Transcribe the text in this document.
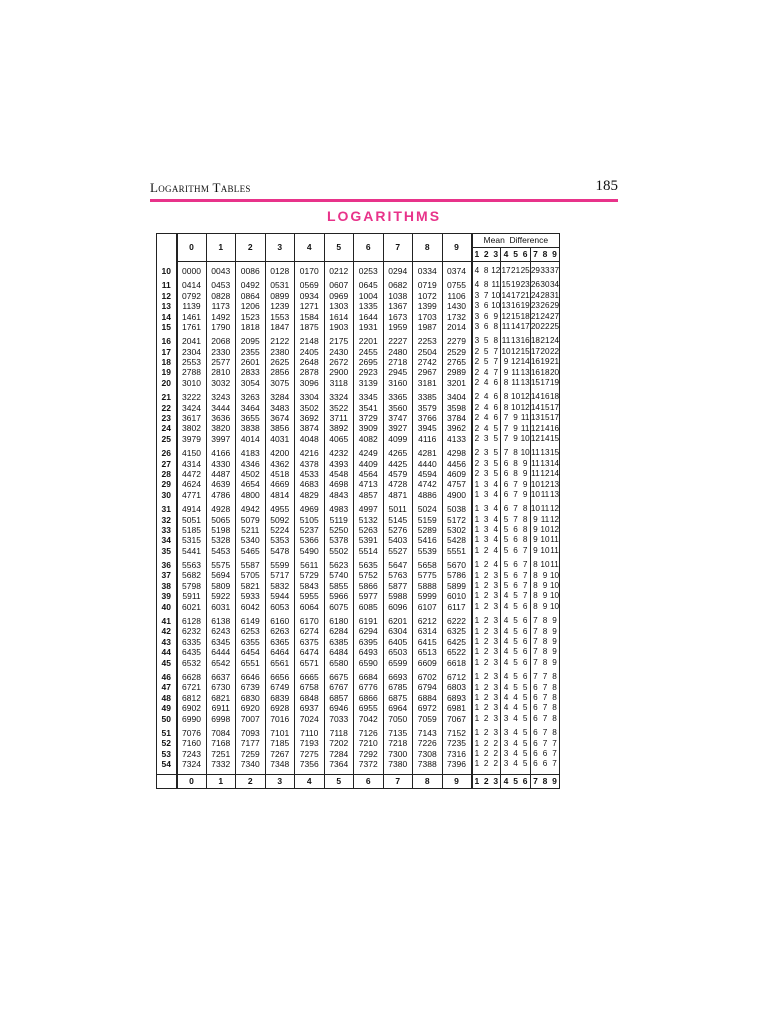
Logarithm Tables	185
LOGARITHMS
	0	1	2	3	4	5	6	7	8	9	Mean  Difference								
											1	2	3	4	5	6	7	8	9

10	0000	0043	0086	0128	0170	0212	0253	0294	0334	0374	4	8	12	17	21	25	29	33	37

11	0414	0453	0492	0531	0569	0607	0645	0682	0719	0755	4	8	11	15	19	23	26	30	34
12	0792	0828	0864	0899	0934	0969	1004	1038	1072	1106	3	7	10	14	17	21	24	28	31
13	1139	1173	1206	1239	1271	1303	1335	1367	1399	1430	3	6	10	13	16	19	23	26	29
14	1461	1492	1523	1553	1584	1614	1644	1673	1703	1732	3	6	9	12	15	18	21	24	27
15	1761	1790	1818	1847	1875	1903	1931	1959	1987	2014	3	6	8	11	14	17	20	22	25

16	2041	2068	2095	2122	2148	2175	2201	2227	2253	2279	3	5	8	11	13	16	18	21	24
17	2304	2330	2355	2380	2405	2430	2455	2480	2504	2529	2	5	7	10	12	15	17	20	22
18	2553	2577	2601	2625	2648	2672	2695	2718	2742	2765	2	5	7	9	12	14	16	19	21
19	2788	2810	2833	2856	2878	2900	2923	2945	2967	2989	2	4	7	9	11	13	16	18	20
20	3010	3032	3054	3075	3096	3118	3139	3160	3181	3201	2	4	6	8	11	13	15	17	19

21	3222	3243	3263	3284	3304	3324	3345	3365	3385	3404	2	4	6	8	10	12	14	16	18
22	3424	3444	3464	3483	3502	3522	3541	3560	3579	3598	2	4	6	8	10	12	14	15	17
23	3617	3636	3655	3674	3692	3711	3729	3747	3766	3784	2	4	6	7	9	11	13	15	17
24	3802	3820	3838	3856	3874	3892	3909	3927	3945	3962	2	4	5	7	9	11	12	14	16
25	3979	3997	4014	4031	4048	4065	4082	4099	4116	4133	2	3	5	7	9	10	12	14	15

26	4150	4166	4183	4200	4216	4232	4249	4265	4281	4298	2	3	5	7	8	10	11	13	15
27	4314	4330	4346	4362	4378	4393	4409	4425	4440	4456	2	3	5	6	8	9	11	13	14
28	4472	4487	4502	4518	4533	4548	4564	4579	4594	4609	2	3	5	6	8	9	11	12	14
29	4624	4639	4654	4669	4683	4698	4713	4728	4742	4757	1	3	4	6	7	9	10	12	13
30	4771	4786	4800	4814	4829	4843	4857	4871	4886	4900	1	3	4	6	7	9	10	11	13

31	4914	4928	4942	4955	4969	4983	4997	5011	5024	5038	1	3	4	6	7	8	10	11	12
32	5051	5065	5079	5092	5105	5119	5132	5145	5159	5172	1	3	4	5	7	8	9	11	12
33	5185	5198	5211	5224	5237	5250	5263	5276	5289	5302	1	3	4	5	6	8	9	10	12
34	5315	5328	5340	5353	5366	5378	5391	5403	5416	5428	1	3	4	5	6	8	9	10	11
35	5441	5453	5465	5478	5490	5502	5514	5527	5539	5551	1	2	4	5	6	7	9	10	11

36	5563	5575	5587	5599	5611	5623	5635	5647	5658	5670	1	2	4	5	6	7	8	10	11
37	5682	5694	5705	5717	5729	5740	5752	5763	5775	5786	1	2	3	5	6	7	8	9	10
38	5798	5809	5821	5832	5843	5855	5866	5877	5888	5899	1	2	3	5	6	7	8	9	10
39	5911	5922	5933	5944	5955	5966	5977	5988	5999	6010	1	2	3	4	5	7	8	9	10
40	6021	6031	6042	6053	6064	6075	6085	6096	6107	6117	1	2	3	4	5	6	8	9	10

41	6128	6138	6149	6160	6170	6180	6191	6201	6212	6222	1	2	3	4	5	6	7	8	9
42	6232	6243	6253	6263	6274	6284	6294	6304	6314	6325	1	2	3	4	5	6	7	8	9
43	6335	6345	6355	6365	6375	6385	6395	6405	6415	6425	1	2	3	4	5	6	7	8	9
44	6435	6444	6454	6464	6474	6484	6493	6503	6513	6522	1	2	3	4	5	6	7	8	9
45	6532	6542	6551	6561	6571	6580	6590	6599	6609	6618	1	2	3	4	5	6	7	8	9

46	6628	6637	6646	6656	6665	6675	6684	6693	6702	6712	1	2	3	4	5	6	7	7	8
47	6721	6730	6739	6749	6758	6767	6776	6785	6794	6803	1	2	3	4	5	5	6	7	8
48	6812	6821	6830	6839	6848	6857	6866	6875	6884	6893	1	2	3	4	4	5	6	7	8
49	6902	6911	6920	6928	6937	6946	6955	6964	6972	6981	1	2	3	4	4	5	6	7	8
50	6990	6998	7007	7016	7024	7033	7042	7050	7059	7067	1	2	3	3	4	5	6	7	8

51	7076	7084	7093	7101	7110	7118	7126	7135	7143	7152	1	2	3	3	4	5	6	7	8
52	7160	7168	7177	7185	7193	7202	7210	7218	7226	7235	1	2	2	3	4	5	6	7	7
53	7243	7251	7259	7267	7275	7284	7292	7300	7308	7316	1	2	2	3	4	5	6	6	7
54	7324	7332	7340	7348	7356	7364	7372	7380	7388	7396	1	2	2	3	4	5	6	6	7

	0	1	2	3	4	5	6	7	8	9	1	2	3	4	5	6	7	8	9
